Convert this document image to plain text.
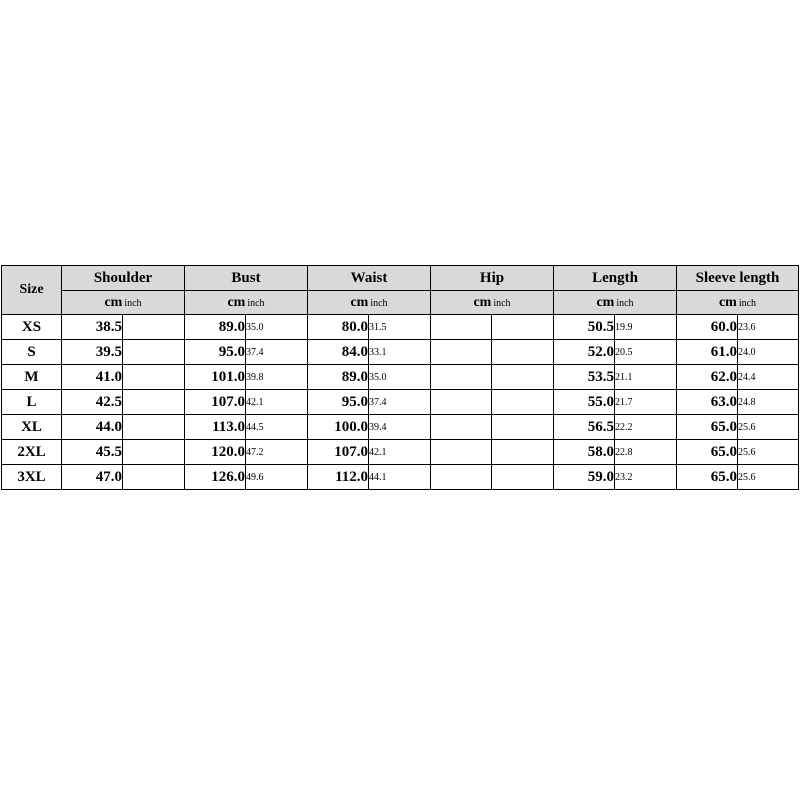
Size	Shoulder		Bust		Waist		Hip		Length		Sleeve length	
	cm inch		cm inch		cm inch		cm inch		cm inch		cm inch	
XS	38.5		89.0	35.0	80.0	31.5			50.5	19.9	60.0	23.6
S	39.5		95.0	37.4	84.0	33.1			52.0	20.5	61.0	24.0
M	41.0		101.0	39.8	89.0	35.0			53.5	21.1	62.0	24.4
L	42.5		107.0	42.1	95.0	37.4			55.0	21.7	63.0	24.8
XL	44.0		113.0	44.5	100.0	39.4			56.5	22.2	65.0	25.6
2XL	45.5		120.0	47.2	107.0	42.1			58.0	22.8	65.0	25.6
3XL	47.0		126.0	49.6	112.0	44.1			59.0	23.2	65.0	25.6
